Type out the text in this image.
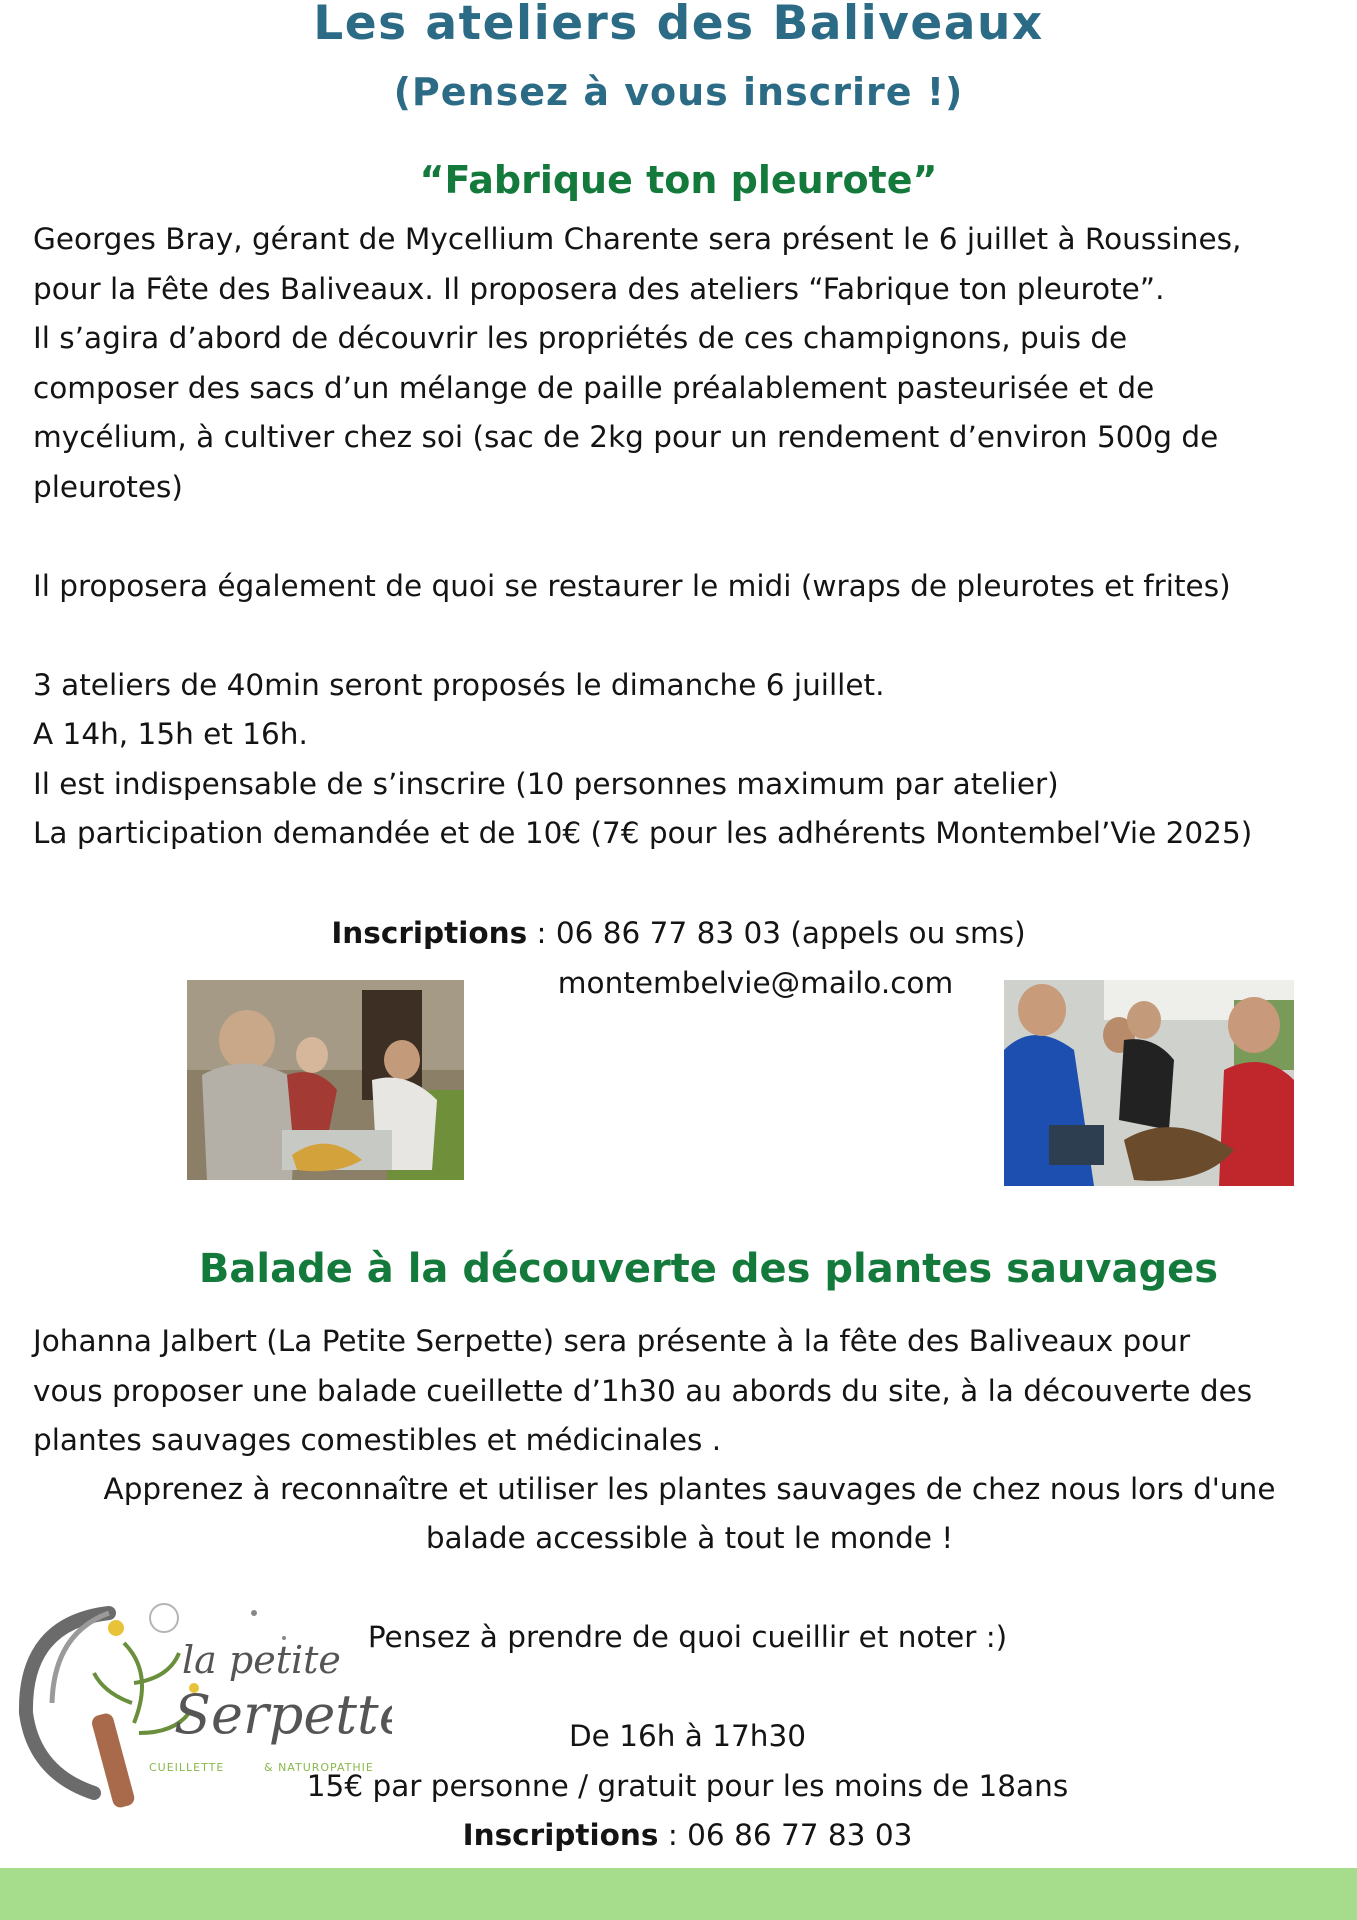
Les ateliers des Baliveaux
(Pensez à vous inscrire !)
“Fabrique ton pleurote”

Georges Bray, gérant de Mycellium Charente sera présent le 6 juillet à Roussines,

pour la Fête des Baliveaux. Il proposera des ateliers “Fabrique ton pleurote”.

Il s’agira d’abord de découvrir les propriétés de ces champignons, puis de

composer des sacs d’un mélange de paille préalablement pasteurisée et de

mycélium, à cultiver chez soi (sac de 2kg pour un rendement d’environ 500g de

pleurotes)

Il proposera également de quoi se restaurer le midi (wraps de pleurotes et frites)

3 ateliers de 40min seront proposés le dimanche 6 juillet.

A 14h, 15h et 16h.

Il est indispensable de s’inscrire (10 personnes maximum par atelier)

La participation demandée et de 10€ (7€ pour les adhérents Montembel’Vie 2025)

Inscriptions : 06 86 77 83 03 (appels ou sms)
montembelvie@mailo.com
Balade à la découverte des plantes sauvages

Johanna Jalbert (La Petite Serpette) sera présente à la fête des Baliveaux pour

vous proposer une balade cueillette d’1h30 au abords du site, à la découverte des

plantes sauvages comestibles et médicinales .

Apprenez à reconnaître et utiliser les plantes sauvages de chez nous lors d'une
balade accessible à tout le monde !
Pensez à prendre de quoi cueillir et noter :)
De 16h à 17h30
15€ par personne / gratuit pour les moins de 18ans
Inscriptions : 06 86 77 83 03
la petite
Serpette
CUEILLETTE	& NATUROPATHIE
